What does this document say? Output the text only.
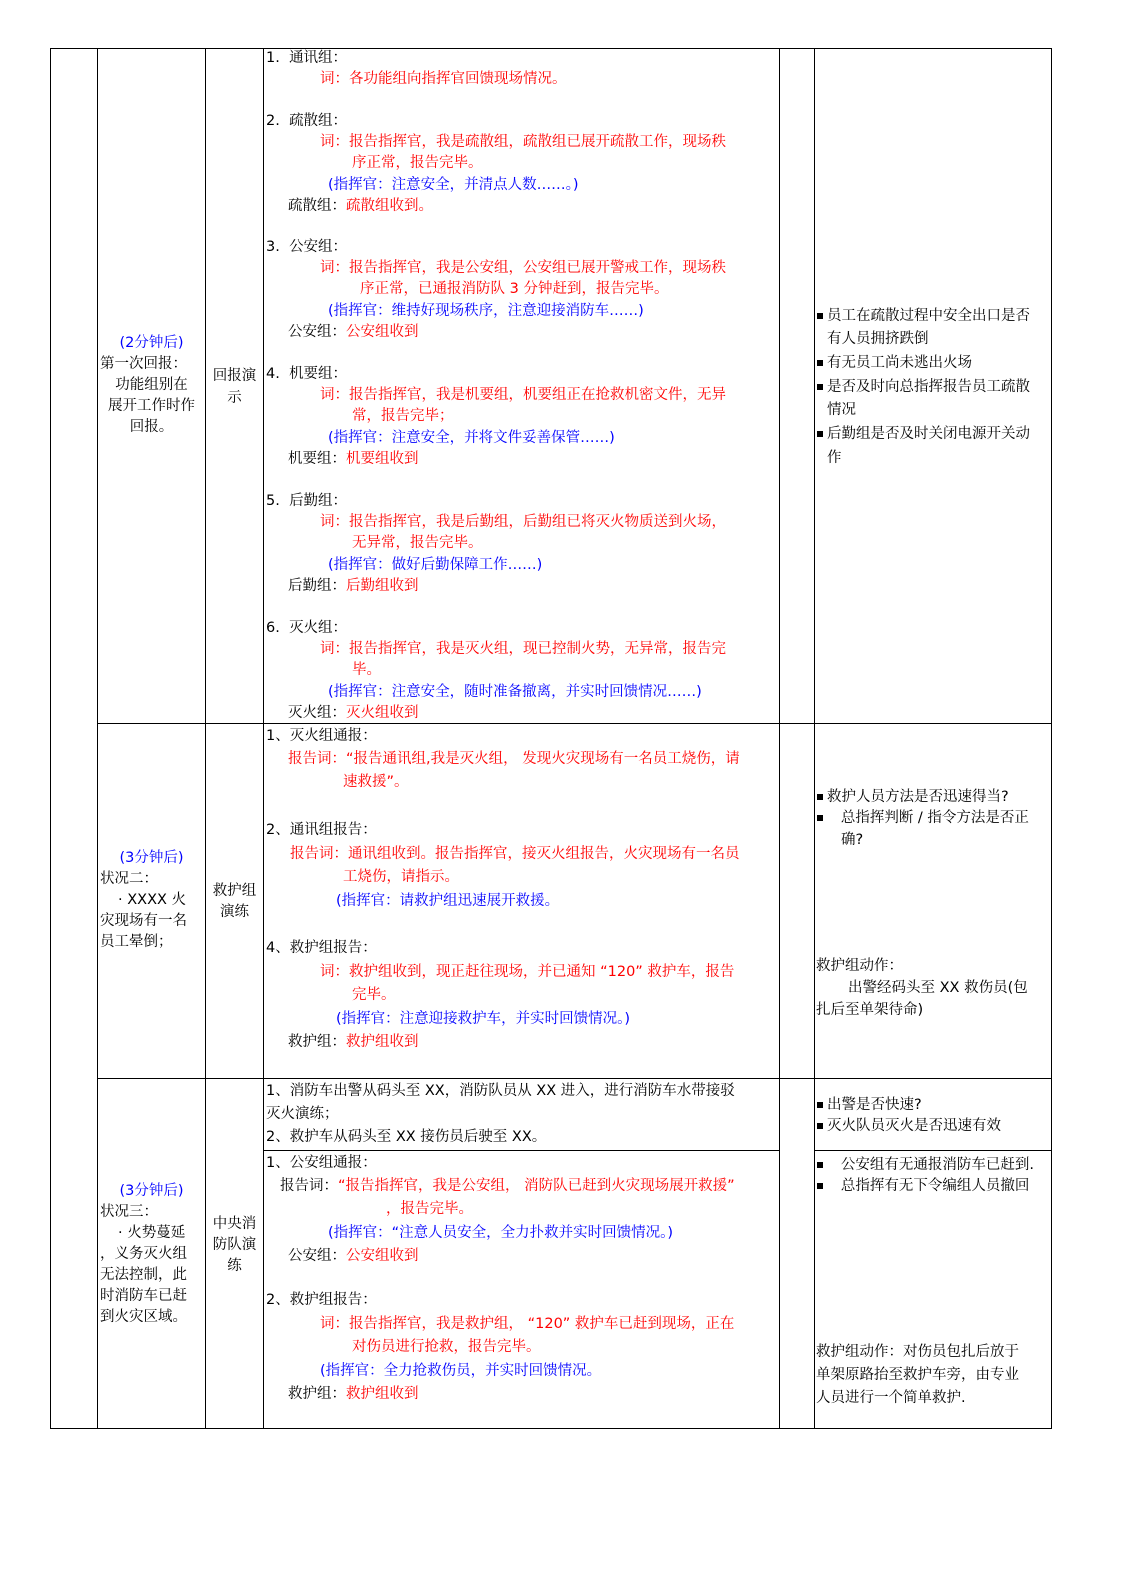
(2分钟后)
第一次回报：
功能组别在
展开工作时作
回报。
回报演示
1. 通讯组：
词：各功能组向指挥官回馈现场情况。
2. 疏散组：
词：报告指挥官，我是疏散组，疏散组已展开疏散工作，现场秩
序正常，报告完毕。
(指挥官：注意安全，并清点人数……。)
疏散组：疏散组收到。
3. 公安组：
词：报告指挥官，我是公安组，公安组已展开警戒工作，现场秩
序正常，已通报消防队 3 分钟赶到，报告完毕。
(指挥官：维持好现场秩序，注意迎接消防车……)
公安组：公安组收到
4. 机要组：
词：报告指挥官，我是机要组，机要组正在抢救机密文件，无异
常，报告完毕；
(指挥官：注意安全，并将文件妥善保管……)
机要组：机要组收到
5. 后勤组：
词：报告指挥官，我是后勤组，后勤组已将灭火物质送到火场，
无异常，报告完毕。
(指挥官：做好后勤保障工作……)
后勤组：后勤组收到
6. 灭火组：
词：报告指挥官，我是灭火组，现已控制火势，无异常，报告完
毕。
(指挥官：注意安全，随时准备撤离，并实时回馈情况……)
灭火组：灭火组收到
员工在疏散过程中安全出口是否
有人员拥挤跌倒
有无员工尚未逃出火场
是否及时向总指挥报告员工疏散
情况
后勤组是否及时关闭电源开关动
作
(3分钟后)
状况二：
· XXXX 火
灾现场有一名
员工晕倒；
救护组
演练
1、灭火组通报：
报告词：“报告通讯组,我是灭火组， 发现火灾现场有一名员工烧伤，请
速救援”。
2、通讯组报告：
报告词：通讯组收到。报告指挥官，接灭火组报告，火灾现场有一名员
工烧伤，请指示。
(指挥官：请救护组迅速展开救援。
4、救护组报告：
词：救护组收到，现正赶往现场，并已通知 “120” 救护车，报告
完毕。
(指挥官：注意迎接救护车，并实时回馈情况。)
救护组：救护组收到
救护人员方法是否迅速得当?
总指挥判断 / 指令方法是否正
确?
救护组动作：
出警经码头至 XX 救伤员(包
扎后至单架待命)
(3分钟后)
状况三：
· 火势蔓延
，义务灭火组
无法控制，此
时消防车已赶
到火灾区域。
中央消
防队演
练
1、消防车出警从码头至 XX，消防队员从 XX 进入，进行消防车水带接驳
灭火演练；
2、救护车从码头至 XX 接伤员后驶至 XX。
出警是否快速?
灭火队员灭火是否迅速有效
1、公安组通报：
报告词：“报告指挥官，我是公安组， 消防队已赶到火灾现场展开救援”
，报告完毕。
(指挥官：“注意人员安全，全力扑救并实时回馈情况。)
公安组：公安组收到
2、救护组报告：
词：报告指挥官，我是救护组， “120” 救护车已赶到现场，正在
对伤员进行抢救，报告完毕。
(指挥官：全力抢救伤员，并实时回馈情况。
救护组：救护组收到
公安组有无通报消防车已赶到.
总指挥有无下令编组人员撤回
救护组动作：对伤员包扎后放于
单架原路抬至救护车旁，由专业
人员进行一个简单救护.
